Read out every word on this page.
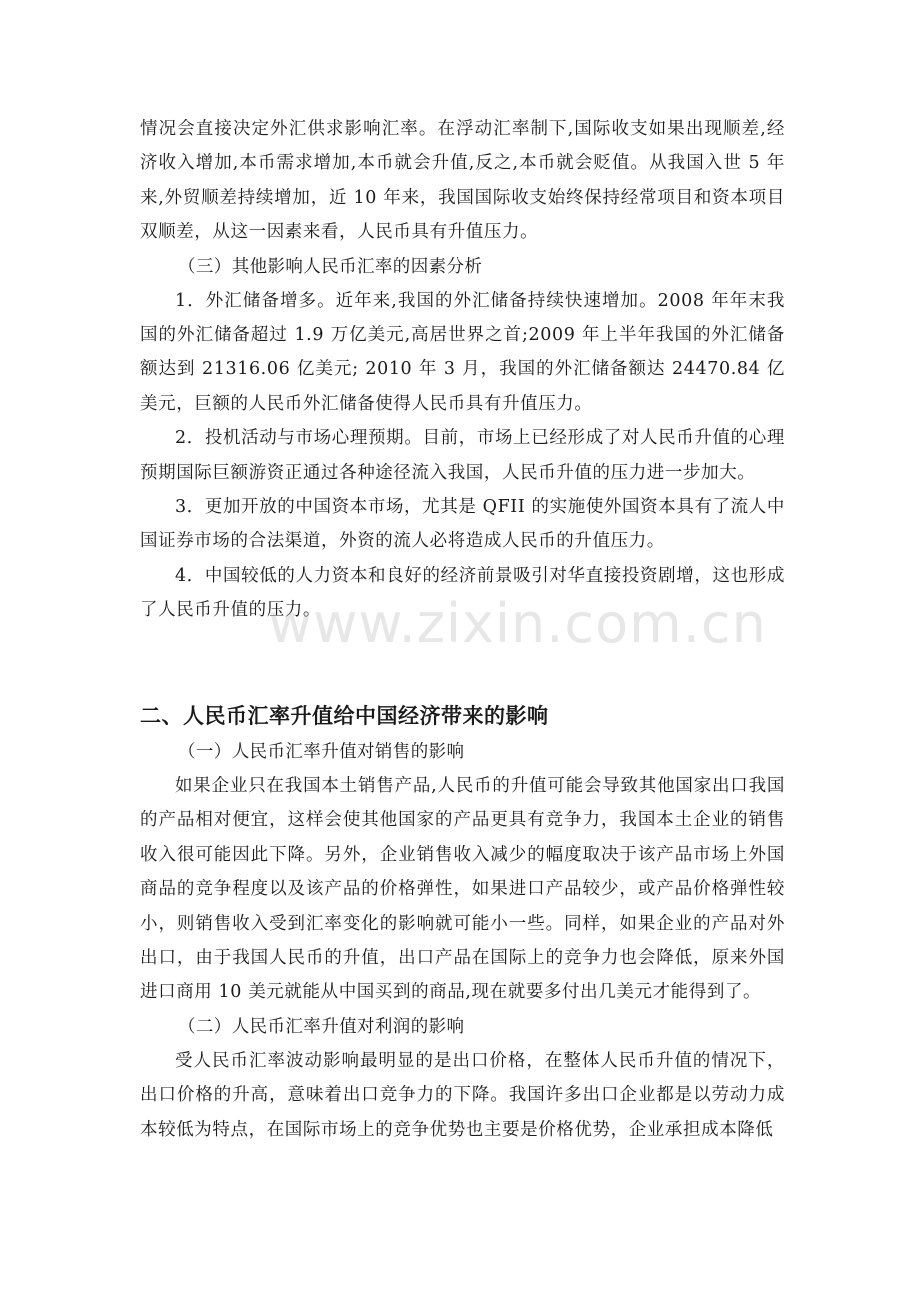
情况会直接决定外汇供求影响汇率。在浮动汇率制下,国际收支如果出现顺差,经济收入增加,本币需求增加,本币就会升值,反之,本币就会贬值。从我国入世 5 年来,外贸顺差持续增加，近 10 年来，我国国际收支始终保持经常项目和资本项目双顺差，从这一因素来看，人民币具有升值压力。

（三）其他影响人民币汇率的因素分析

1．外汇储备增多。近年来,我国的外汇储备持续快速增加。2008 年年末我国的外汇储备超过 1.9 万亿美元,高居世界之首;2009 年上半年我国的外汇储备额达到 21316.06 亿美元; 2010 年 3 月，我国的外汇储备额达 24470.84 亿美元，巨额的人民币外汇储备使得人民币具有升值压力。

2．投机活动与市场心理预期。目前，市场上已经形成了对人民币升值的心理预期国际巨额游资正通过各种途径流入我国，人民币升值的压力进一步加大。

3．更加开放的中国资本市场，尤其是 QFII 的实施使外国资本具有了流人中国证券市场的合法渠道，外资的流人必将造成人民币的升值压力。

4．中国较低的人力资本和良好的经济前景吸引对华直接投资剧增，这也形成了人民币升值的压力。

二、人民币汇率升值给中国经济带来的影响

（一）人民币汇率升值对销售的影响

如果企业只在我国本土销售产品,人民币的升值可能会导致其他国家出口我国的产品相对便宜，这样会使其他国家的产品更具有竞争力，我国本土企业的销售收入很可能因此下降。另外，企业销售收入减少的幅度取决于该产品市场上外国商品的竞争程度以及该产品的价格弹性，如果进口产品较少，或产品价格弹性较小，则销售收入受到汇率变化的影响就可能小一些。同样，如果企业的产品对外出口，由于我国人民币的升值，出口产品在国际上的竞争力也会降低，原来外国进口商用 10 美元就能从中国买到的商品,现在就要多付出几美元才能得到了。

（二）人民币汇率升值对利润的影响

受人民币汇率波动影响最明显的是出口价格，在整体人民币升值的情况下，出口价格的升高，意味着出口竞争力的下降。我国许多出口企业都是以劳动力成本较低为特点，在国际市场上的竞争优势也主要是价格优势，企业承担成本降低

www.zixin.com.cn
